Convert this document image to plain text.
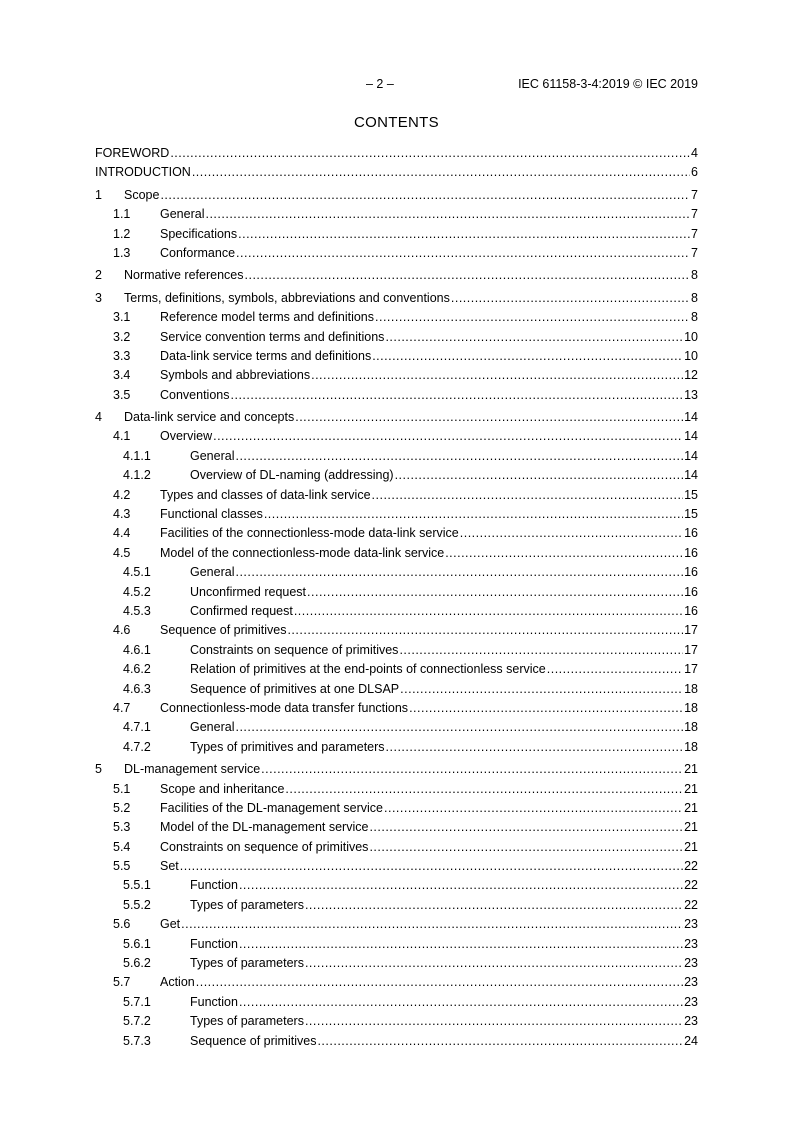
– 2 –	IEC 61158-3-4:2019 © IEC 2019
CONTENTS
FOREWORD .....	4
INTRODUCTION .....	6
1 Scope .....	7
1.1 General .....	7
1.2 Specifications .....	7
1.3 Conformance .....	7
2 Normative references .....	8
3 Terms, definitions, symbols, abbreviations and conventions .....	8
3.1 Reference model terms and definitions .....	8
3.2 Service convention terms and definitions .....	10
3.3 Data-link service terms and definitions .....	10
3.4 Symbols and abbreviations .....	12
3.5 Conventions .....	13
4 Data-link service and concepts .....	14
4.1 Overview .....	14
4.1.1	General .....	14
4.1.2	Overview of DL-naming (addressing) .....	14
4.2 Types and classes of data-link service .....	15
4.3 Functional classes .....	15
4.4 Facilities of the connectionless-mode data-link service .....	16
4.5 Model of the connectionless-mode data-link service .....	16
4.5.1	General .....	16
4.5.2	Unconfirmed request .....	16
4.5.3	Confirmed request .....	16
4.6 Sequence of primitives .....	17
4.6.1	Constraints on sequence of primitives .....	17
4.6.2	Relation of primitives at the end-points of connectionless service .....	17
4.6.3	Sequence of primitives at one DLSAP .....	18
4.7 Connectionless-mode data transfer functions .....	18
4.7.1	General .....	18
4.7.2	Types of primitives and parameters .....	18
5 DL-management service .....	21
5.1 Scope and inheritance .....	21
5.2 Facilities of the DL-management service .....	21
5.3 Model of the DL-management service .....	21
5.4 Constraints on sequence of primitives .....	21
5.5 Set .....	22
5.5.1	Function .....	22
5.5.2	Types of parameters .....	22
5.6 Get .....	23
5.6.1	Function .....	23
5.6.2	Types of parameters .....	23
5.7 Action .....	23
5.7.1	Function .....	23
5.7.2	Types of parameters .....	23
5.7.3	Sequence of primitives .....	24
